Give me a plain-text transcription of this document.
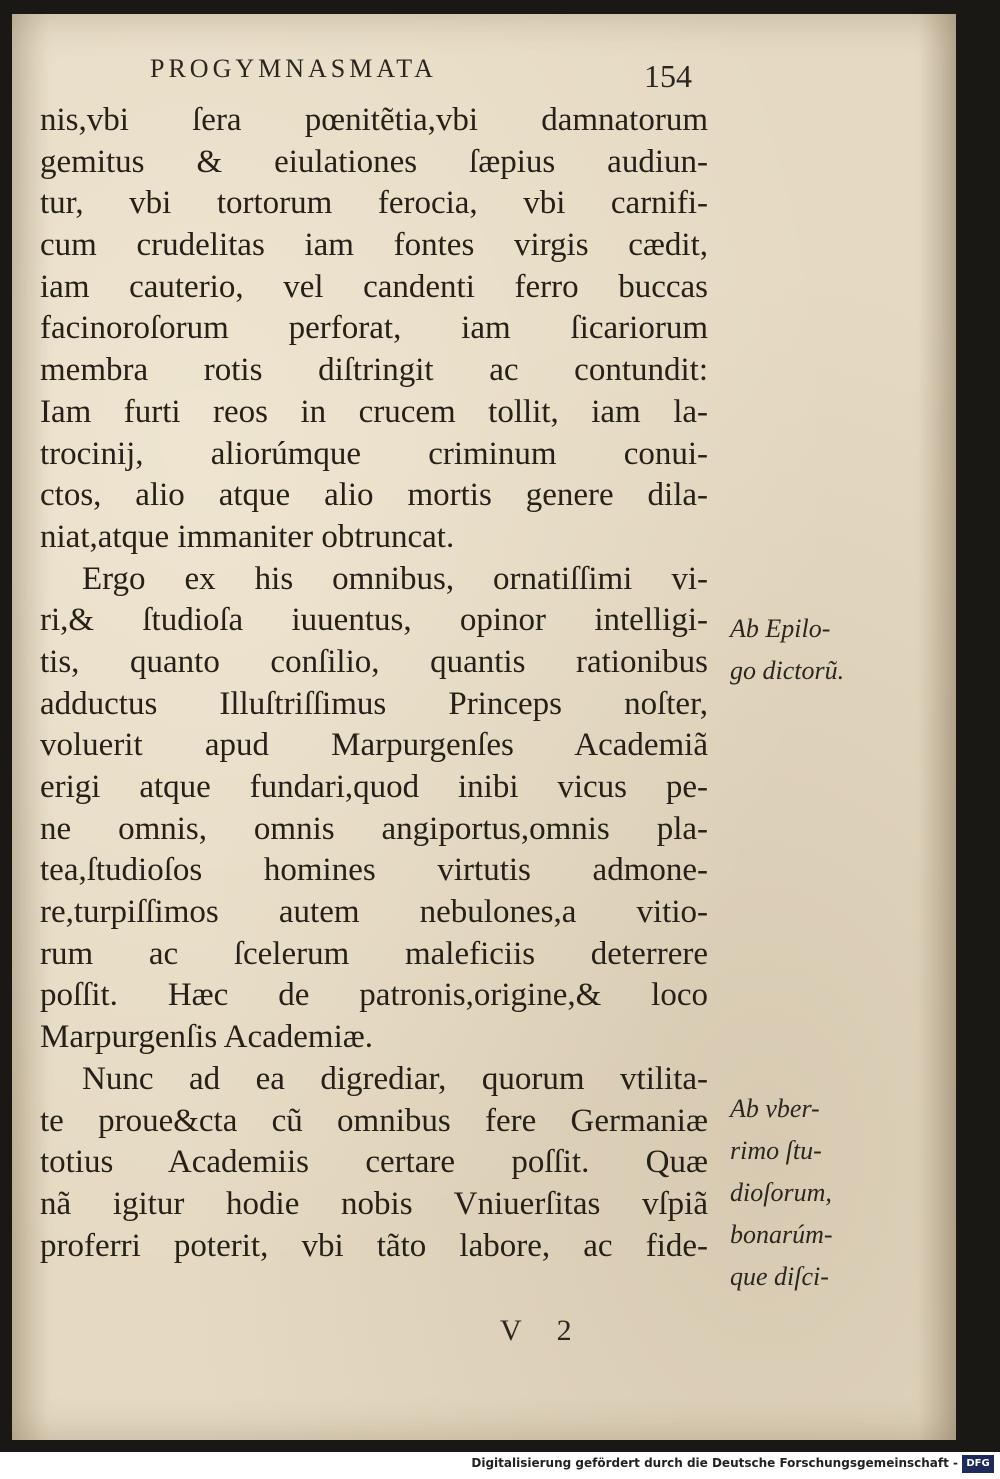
PROGYMNASMATA	154
nis,vbi ſera pœnitẽtia,vbi damnatorum
gemitus & eiulationes ſæpius audiun-
tur, vbi tortorum ferocia, vbi carnifi-
cum crudelitas iam fontes virgis cædit,
iam cauterio, vel candenti ferro buccas
facinoroſorum perforat, iam ſicariorum
membra rotis diſtringit ac contundit:
Iam furti reos in crucem tollit, iam la-
trocinij, aliorúmque criminum conui-
ctos, alio atque alio mortis genere dila-
niat,atque immaniter obtruncat.
Ergo ex his omnibus, ornatiſſimi vi-
ri,& ſtudioſa iuuentus, opinor intelligi-
tis, quanto conſilio, quantis rationibus
adductus Illuſtriſſimus Princeps noſter,
voluerit apud Marpurgenſes Academiã
erigi atque fundari,quod inibi vicus pe-
ne omnis, omnis angiportus,omnis pla-
tea,ſtudioſos homines virtutis admone-
re,turpiſſimos autem nebulones,a vitio-
rum ac ſcelerum maleficiis deterrere
poſſit. Hæc de patronis,origine,& loco
Marpurgenſis Academiæ.
Nunc ad ea digrediar, quorum vtilita-
te proue&cta cũ omnibus fere Germaniæ
totius Academiis certare poſſit. Quæ
nã igitur hodie nobis Vniuerſitas vſpiã
proferri poterit, vbi tãto labore, ac fide-
Ab Epilo-
go dictorũ.
Ab vber-
rimo ſtu-
dioſorum,
bonarúm-
que diſci-
V 2
Digitalisierung gefördert durch die Deutsche Forschungsgemeinschaft - DFG
